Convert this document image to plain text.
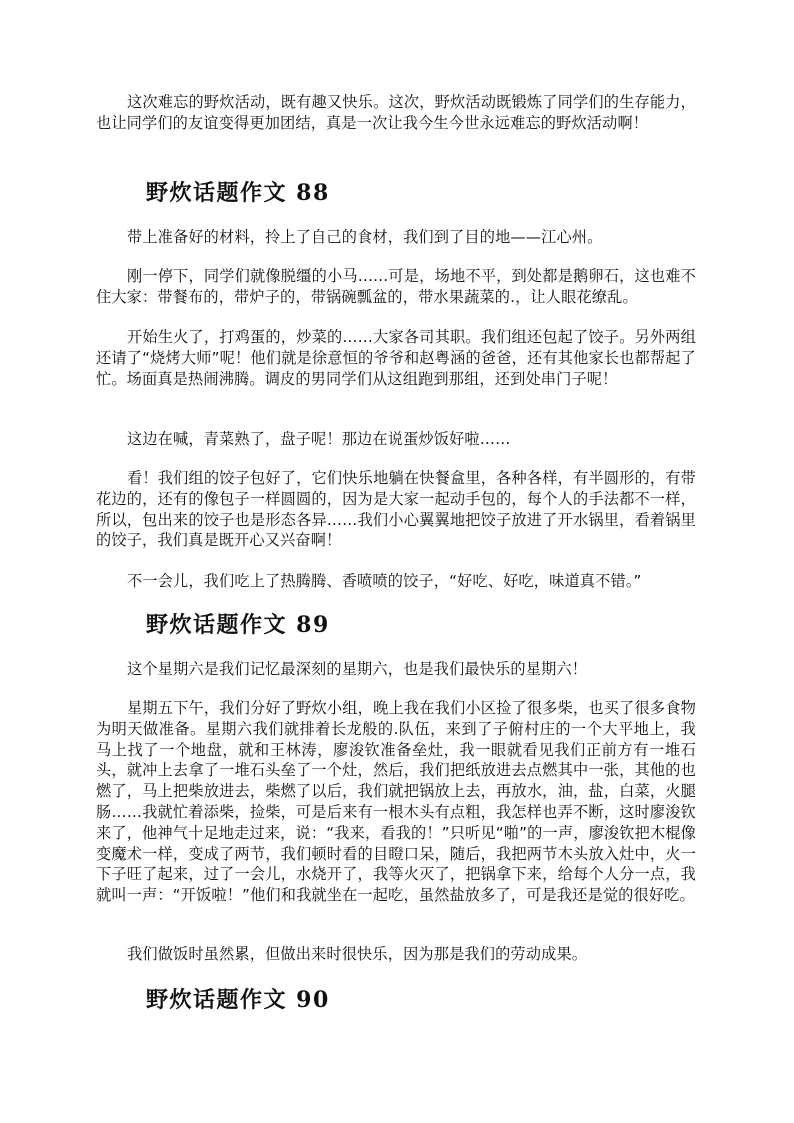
这次难忘的野炊活动，既有趣又快乐。这次，野炊活动既锻炼了同学们的生存能力，也让同学们的友谊变得更加团结，真是一次让我今生今世永远难忘的野炊活动啊！

野炊话题作文 88

带上准备好的材料，拎上了自己的食材，我们到了目的地——江心州。

刚一停下，同学们就像脱缰的小马……可是，场地不平，到处都是鹅卵石，这也难不住大家：带餐布的，带炉子的，带锅碗瓢盆的，带水果蔬菜的.，让人眼花缭乱。

开始生火了，打鸡蛋的，炒菜的……大家各司其职。我们组还包起了饺子。另外两组还请了“烧烤大师”呢！他们就是徐意恒的爷爷和赵粤涵的爸爸，还有其他家长也都帮起了忙。场面真是热闹沸腾。调皮的男同学们从这组跑到那组，还到处串门子呢！

这边在喊，青菜熟了，盘子呢！那边在说蛋炒饭好啦……

看！我们组的饺子包好了，它们快乐地躺在快餐盒里，各种各样，有半圆形的，有带花边的，还有的像包子一样圆圆的，因为是大家一起动手包的，每个人的手法都不一样，所以，包出来的饺子也是形态各异……我们小心翼翼地把饺子放进了开水锅里，看着锅里的饺子，我们真是既开心又兴奋啊！

不一会儿，我们吃上了热腾腾、香喷喷的饺子，“好吃、好吃，味道真不错。”

野炊话题作文 89

这个星期六是我们记忆最深刻的星期六，也是我们最快乐的星期六！

星期五下午，我们分好了野炊小组，晚上我在我们小区捡了很多柴，也买了很多食物为明天做准备。星期六我们就排着长龙般的.队伍，来到了子俯村庄的一个大平地上，我马上找了一个地盘，就和王林涛，廖浚钦准备垒灶，我一眼就看见我们正前方有一堆石头，就冲上去拿了一堆石头垒了一个灶，然后，我们把纸放进去点燃其中一张，其他的也燃了，马上把柴放进去，柴燃了以后，我们就把锅放上去，再放水，油，盐，白菜，火腿肠……我就忙着添柴，捡柴，可是后来有一根木头有点粗，我怎样也弄不断，这时廖浚钦来了，他神气十足地走过来，说：“我来，看我的！”只听见“啪”的一声，廖浚钦把木棍像变魔术一样，变成了两节，我们顿时看的目瞪口呆，随后，我把两节木头放入灶中，火一下子旺了起来，过了一会儿，水烧开了，我等火灭了，把锅拿下来，给每个人分一点，我就叫一声：“开饭啦！”他们和我就坐在一起吃，虽然盐放多了，可是我还是觉的很好吃。

我们做饭时虽然累，但做出来时很快乐，因为那是我们的劳动成果。

野炊话题作文 90
